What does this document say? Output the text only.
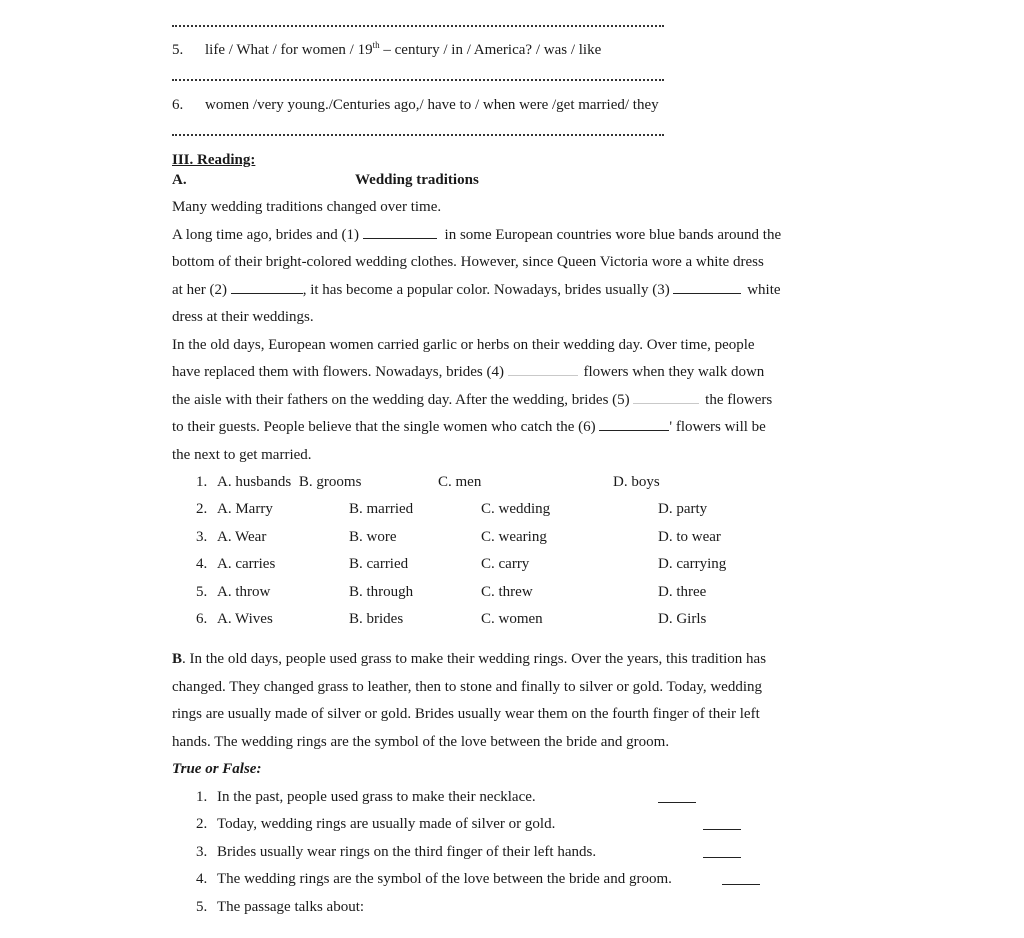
5. life / What / for women / 19th – century / in / America? / was / like
6. women /very young./Centuries ago,/ have to / when were /get married/ they
III. Reading:
A.	Wedding traditions
Many wedding traditions changed over time.
A long time ago, brides and (1)	in some European countries wore blue bands around the
bottom of their bright-colored wedding clothes. However, since Queen Victoria wore a white dress
at her (2)	, it has become a popular color. Nowadays, brides usually (3)	white
dress at their weddings.
In the old days, European women carried garlic or herbs on their wedding day. Over time, people
have replaced them with flowers. Nowadays, brides (4)	flowers when they walk down
the aisle with their fathers on the wedding day. After the wedding, brides (5)	the flowers
to their guests. People believe that the single women who catch the (6)	' flowers will be
the next to get married.
1. A. husbands B. grooms	C. men	D. boys
2. A. Marry	B. married	C. wedding	D. party
3. A. Wear	B. wore	C. wearing	D. to wear
4. A. carries	B. carried	C. carry	D. carrying
5. A. throw	B. through	C. threw	D. three
6. A. Wives	B. brides	C. women	D. Girls
B. In the old days, people used grass to make their wedding rings. Over the years, this tradition has
changed. They changed grass to leather, then to stone and finally to silver or gold. Today, wedding
rings are usually made of silver or gold. Brides usually wear them on the fourth finger of their left
hands. The wedding rings are the symbol of the love between the bride and groom.
True or False:
1. In the past, people used grass to make their necklace.
2. Today, wedding rings are usually made of silver or gold.
3. Brides usually wear rings on the third finger of their left hands.
4. The wedding rings are the symbol of the love between the bride and groom.
5. The passage talks about:
